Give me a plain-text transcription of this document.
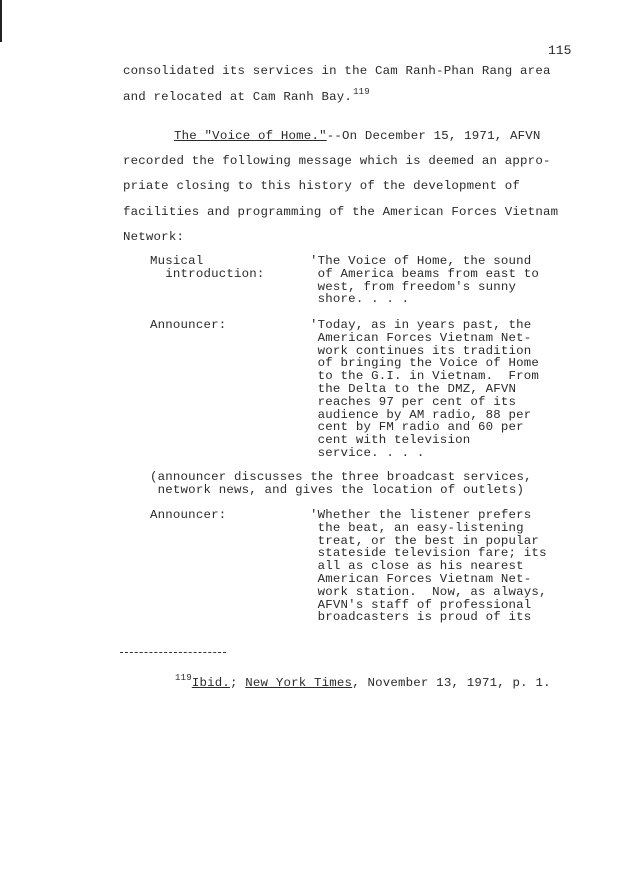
115
consolidated its services in the Cam Ranh-Phan Rang area
and relocated at Cam Ranh Bay.$^{119}$
The "Voice of Home."--On December 15, 1971, AFVN
recorded the following message which is deemed an appro-
priate closing to this history of the development of
facilities and programming of the American Forces Vietnam
Network:
Musical
introduction:
'The Voice of Home, the sound
of America beams from east to
west, from freedom's sunny
shore. . . .
Announcer:	'Today, as in years past, the
American Forces Vietnam Net-
work continues its tradition
of bringing the Voice of Home
to the G.I. in Vietnam.  From
the Delta to the DMZ, AFVN
reaches 97 per cent of its
audience by AM radio, 88 per
cent by FM radio and 60 per
cent with television
service. . . .
(announcer discusses the three broadcast services,
network news, and gives the location of outlets)
Announcer:	'Whether the listener prefers
the beat, an easy-listening
treat, or the best in popular
stateside television fare; its
all as close as his nearest
American Forces Vietnam Net-
work station.  Now, as always,
AFVN's staff of professional
broadcasters is proud of its
$^{119}$Ibid.; New York Times, November 13, 1971, p. 1.
